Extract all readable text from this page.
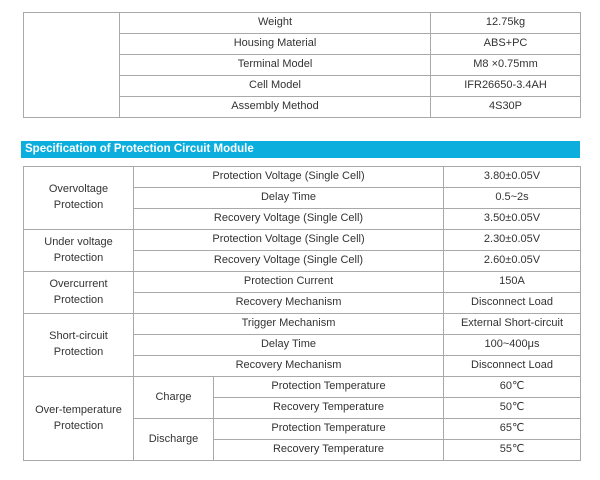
	Weight	12.75kg
	Housing Material	ABS+PC
	Terminal Model	M8 ×0.75mm
	Cell Model	IFR26650-3.4AH
	Assembly Method	4S30P
Specification of Protection Circuit Module
Overvoltage Protection	Protection Voltage (Single Cell)		3.80±0.05V
	Delay Time		0.5~2s
	Recovery Voltage (Single Cell)		3.50±0.05V
Under voltage Protection	Protection Voltage (Single Cell)		2.30±0.05V
	Recovery Voltage (Single Cell)		2.60±0.05V
Overcurrent Protection	Protection Current		150A
	Recovery Mechanism		Disconnect Load
Short-circuit Protection	Trigger Mechanism		External Short-circuit
	Delay Time		100~400μs
	Recovery Mechanism		Disconnect Load
Over-temperature Protection	Charge	Protection Temperature	60℃
		Recovery Temperature	50℃
	Discharge	Protection Temperature	65℃
		Recovery Temperature	55℃
